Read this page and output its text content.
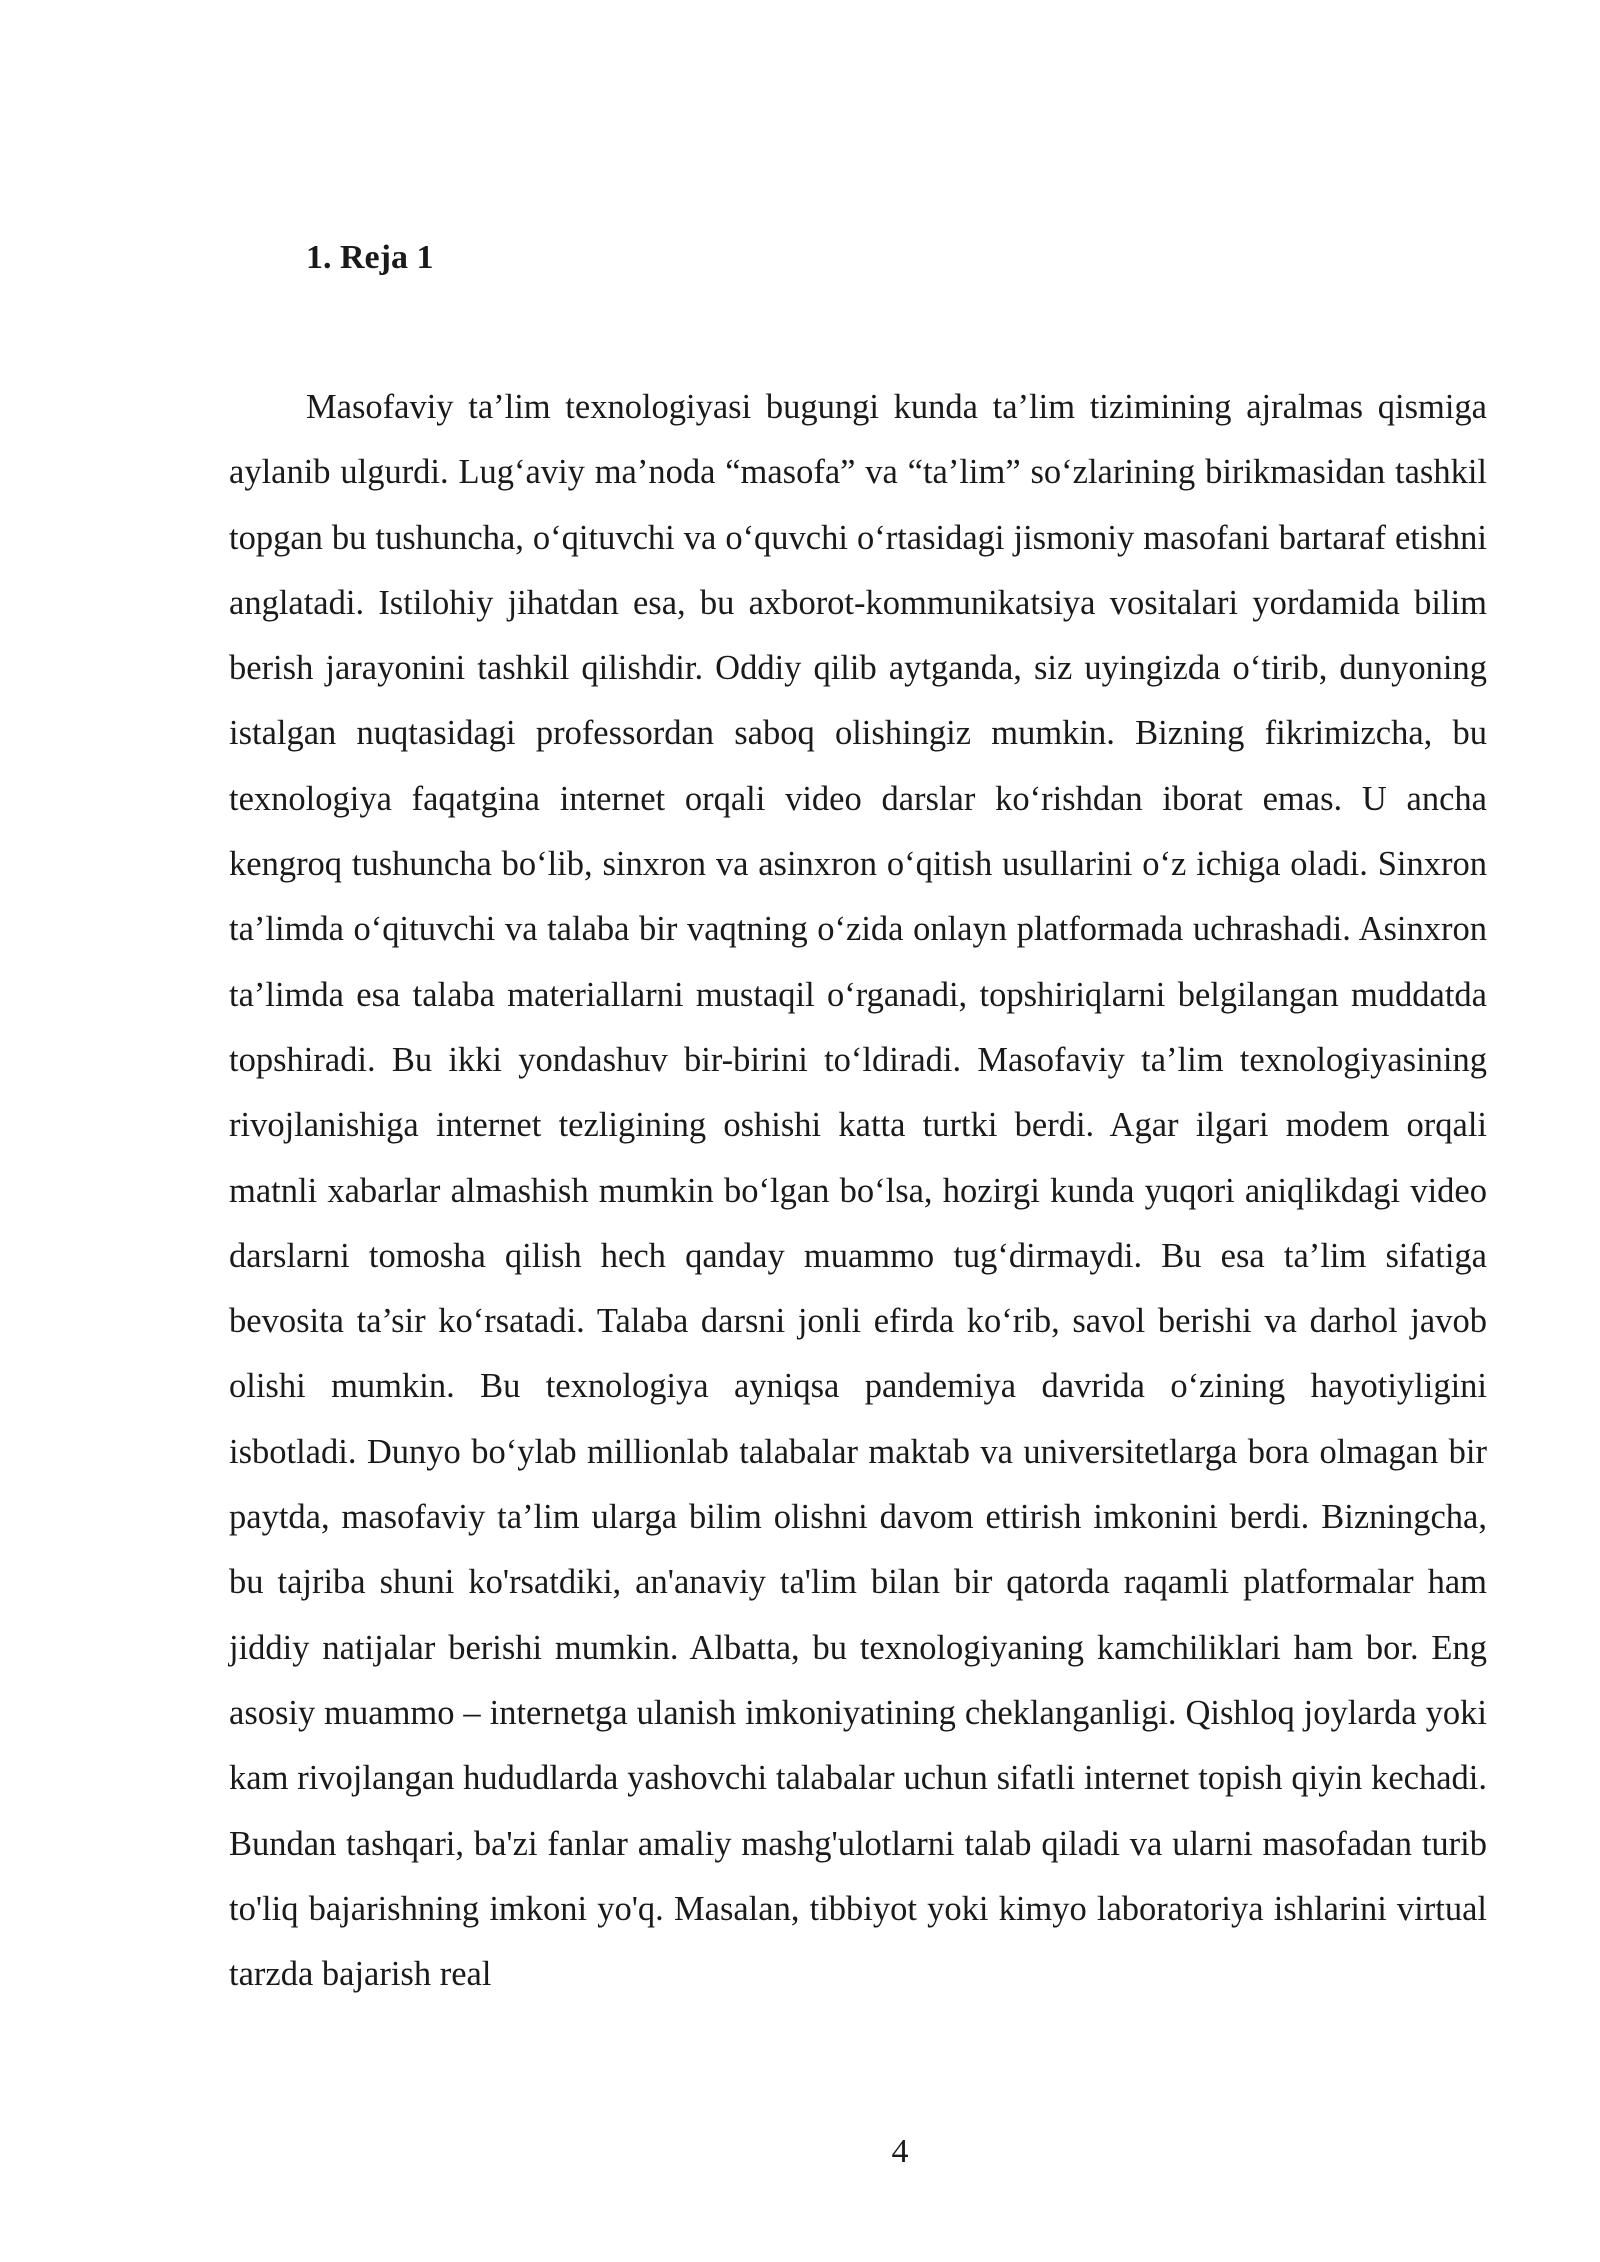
1. Reja 1

Masofaviy ta’lim texnologiyasi bugungi kunda ta’lim tizimining ajralmas qismiga aylanib ulgurdi. Lug‘aviy ma’noda “masofa” va “ta’lim” so‘zlarining birikmasidan tashkil topgan bu tushuncha, o‘qituvchi va o‘quvchi o‘rtasidagi jismoniy masofani bartaraf etishni anglatadi. Istilohiy jihatdan esa, bu axborot-kommunikatsiya vositalari yordamida bilim berish jarayonini tashkil qilishdir. Oddiy qilib aytganda, siz uyingizda o‘tirib, dunyoning istalgan nuqtasidagi professordan saboq olishingiz mumkin. Bizning fikrimizcha, bu texnologiya faqatgina internet orqali video darslar ko‘rishdan iborat emas. U ancha kengroq tushuncha bo‘lib, sinxron va asinxron o‘qitish usullarini o‘z ichiga oladi. Sinxron ta’limda o‘qituvchi va talaba bir vaqtning o‘zida onlayn platformada uchrashadi. Asinxron ta’limda esa talaba materiallarni mustaqil o‘rganadi, topshiriqlarni belgilangan muddatda topshiradi. Bu ikki yondashuv bir-birini to‘ldiradi. Masofaviy ta’lim texnologiyasining rivojlanishiga internet tezligining oshishi katta turtki berdi. Agar ilgari modem orqali matnli xabarlar almashish mumkin bo‘lgan bo‘lsa, hozirgi kunda yuqori aniqlikdagi video darslarni tomosha qilish hech qanday muammo tug‘dirmaydi. Bu esa ta’lim sifatiga bevosita ta’sir ko‘rsatadi. Talaba darsni jonli efirda ko‘rib, savol berishi va darhol javob olishi mumkin. Bu texnologiya ayniqsa pandemiya davrida o‘zining hayotiyligini isbotladi. Dunyo bo‘ylab millionlab talabalar maktab va universitetlarga bora olmagan bir paytda, masofaviy ta’lim ularga bilim olishni davom ettirish imkonini berdi. Bizningcha, bu tajriba shuni ko'rsatdiki, an'anaviy ta'lim bilan bir qatorda raqamli platformalar ham jiddiy natijalar berishi mumkin. Albatta, bu texnologiyaning kamchiliklari ham bor. Eng asosiy muammo – internetga ulanish imkoniyatining cheklanganligi. Qishloq joylarda yoki kam rivojlangan hududlarda yashovchi talabalar uchun sifatli internet topish qiyin kechadi. Bundan tashqari, ba'zi fanlar amaliy mashg'ulotlarni talab qiladi va ularni masofadan turib to'liq bajarishning imkoni yo'q. Masalan, tibbiyot yoki kimyo laboratoriya ishlarini virtual tarzda bajarish real

4
